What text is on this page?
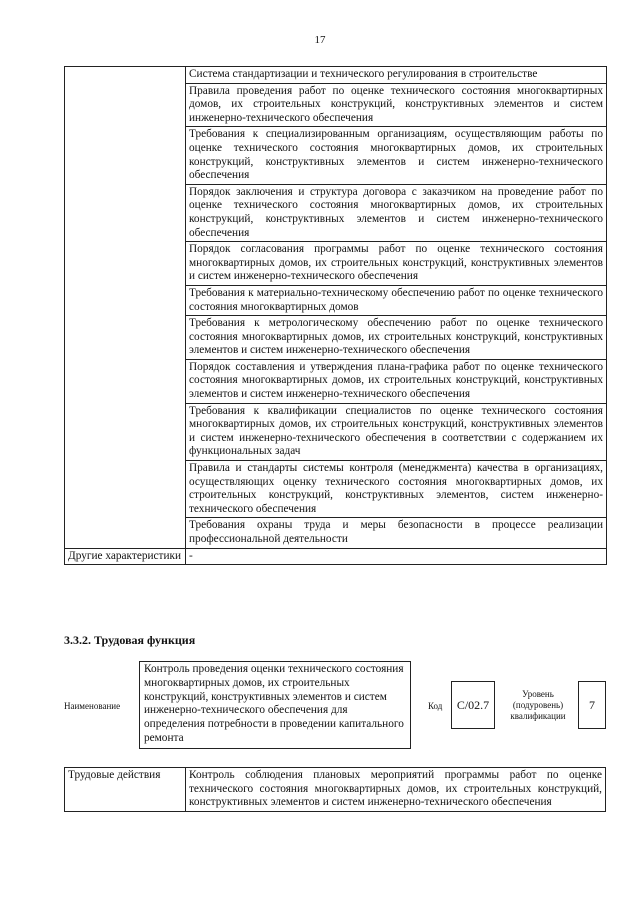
17
	Система стандартизации и технического регулирования в строительстве
	Правила проведения работ по оценке технического состояния многоквартирных домов, их строительных конструкций, конструктивных элементов и систем инженерно-технического обеспечения
	Требования к специализированным организациям, осуществляющим работы по оценке технического состояния многоквартирных домов, их строительных конструкций, конструктивных элементов и систем инженерно-технического обеспечения
	Порядок заключения и структура договора с заказчиком на проведение работ по оценке технического состояния многоквартирных домов, их строительных конструкций, конструктивных элементов и систем инженерно-технического обеспечения
	Порядок согласования программы работ по оценке технического состояния многоквартирных домов, их строительных конструкций, конструктивных элементов и систем инженерно-технического обеспечения
	Требования к материально-техническому обеспечению работ по оценке технического состояния многоквартирных домов
	Требования к метрологическому обеспечению работ по оценке технического состояния многоквартирных домов, их строительных конструкций, конструктивных элементов и систем инженерно-технического обеспечения
	Порядок составления и утверждения плана-графика работ по оценке технического состояния многоквартирных домов, их строительных конструкций, конструктивных элементов и систем инженерно-технического обеспечения
	Требования к квалификации специалистов по оценке технического состояния многоквартирных домов, их строительных конструкций, конструктивных элементов и систем инженерно-технического обеспечения в соответствии с содержанием их функциональных задач
	Правила и стандарты системы контроля (менеджмента) качества в организациях, осуществляющих оценку технического состояния многоквартирных домов, их строительных конструкций, конструктивных элементов, систем инженерно-технического обеспечения
	Требования охраны труда и меры безопасности в процессе реализации профессиональной деятельности
Другие характеристики	-
3.3.2. Трудовая функция
Наименование
Контроль проведения оценки технического состояния многоквартирных домов, их строительных конструкций, конструктивных элементов и систем инженерно-технического обеспечения для определения потребности в проведении капитального ремонта
Код	C/02.7
Уровень (подуровень) квалификации
7
Трудовые действия	Контроль соблюдения плановых мероприятий программы работ по оценке технического состояния многоквартирных домов, их строительных конструкций, конструктивных элементов и систем инженерно-технического обеспечения
